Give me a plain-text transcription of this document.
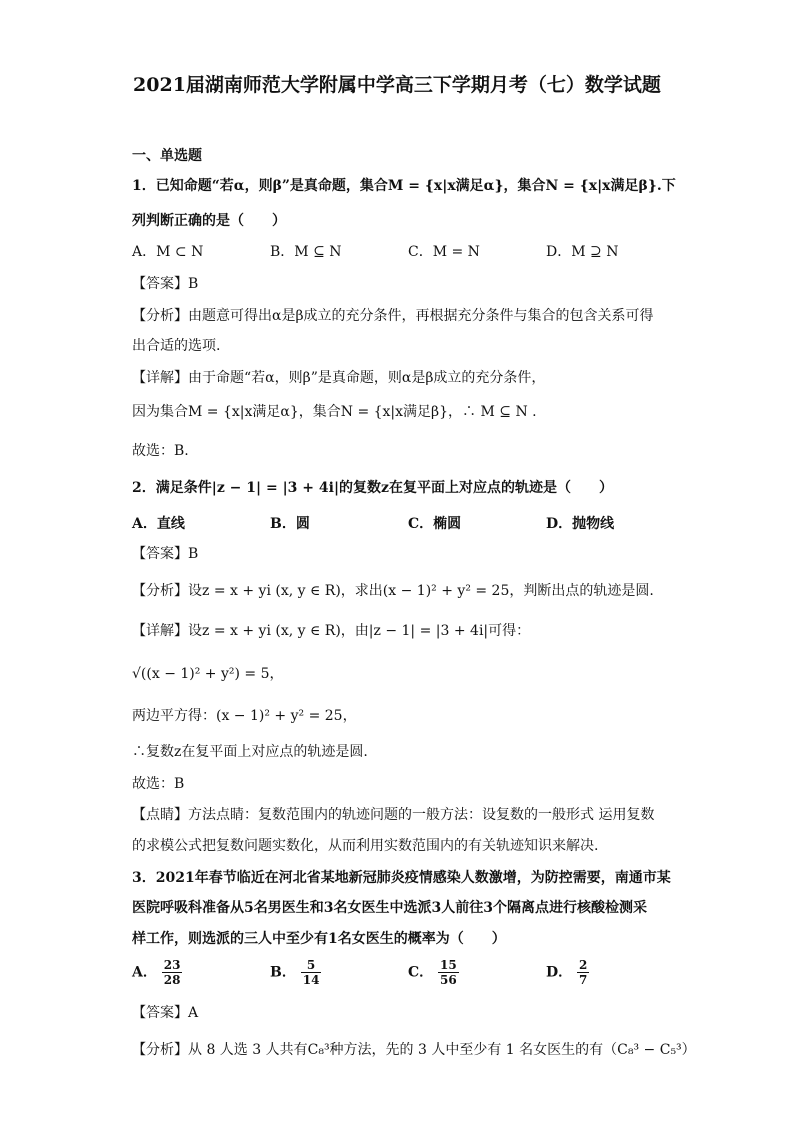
2021届湖南师范大学附属中学高三下学期月考（七）数学试题
一、单选题
1．已知命题“若α，则β”是真命题，集合M = {x|x满足α}，集合N = {x|x满足β}.下
列判断正确的是（　　）
A．M ⊂ N	B．M ⊆ N	C．M = N	D．M ⊇ N
【答案】B
【分析】由题意可得出α是β成立的充分条件，再根据充分条件与集合的包含关系可得
出合适的选项.
【详解】由于命题“若α，则β”是真命题，则α是β成立的充分条件，
因为集合M = {x|x满足α}，集合N = {x|x满足β}，∴ M ⊆ N .
故选：B.
2．满足条件|z − 1| = |3 + 4i|的复数z在复平面上对应点的轨迹是（　　）
A．直线	B．圆	C．椭圆	D．抛物线
【答案】B
【分析】设z = x + yi (x, y ∈ R)，求出(x − 1)² + y² = 25，判断出点的轨迹是圆.
【详解】设z = x + yi (x, y ∈ R)，由|z − 1| = |3 + 4i|可得：
√((x − 1)² + y²) = 5，
两边平方得：(x − 1)² + y² = 25，
∴复数z在复平面上对应点的轨迹是圆.
故选：B
【点睛】方法点睛：复数范围内的轨迹问题的一般方法：设复数的一般形式 运用复数
的求模公式把复数问题实数化，从而利用实数范围内的有关轨迹知识来解决.
3．2021年春节临近在河北省某地新冠肺炎疫情感染人数激增，为防控需要，南通市某
医院呼吸科准备从5名男医生和3名女医生中选派3人前往3个隔离点进行核酸检测采
样工作，则选派的三人中至少有1名女医生的概率为（　　）
A． $\frac{23}{28}$	B． $\frac{5}{14}$	C． $\frac{15}{56}$	D． $\frac{2}{7}$
【答案】A
【分析】从 8 人选 3 人共有C₈³种方法，先的 3 人中至少有 1 名女医生的有（C₈³ − C₅³）
